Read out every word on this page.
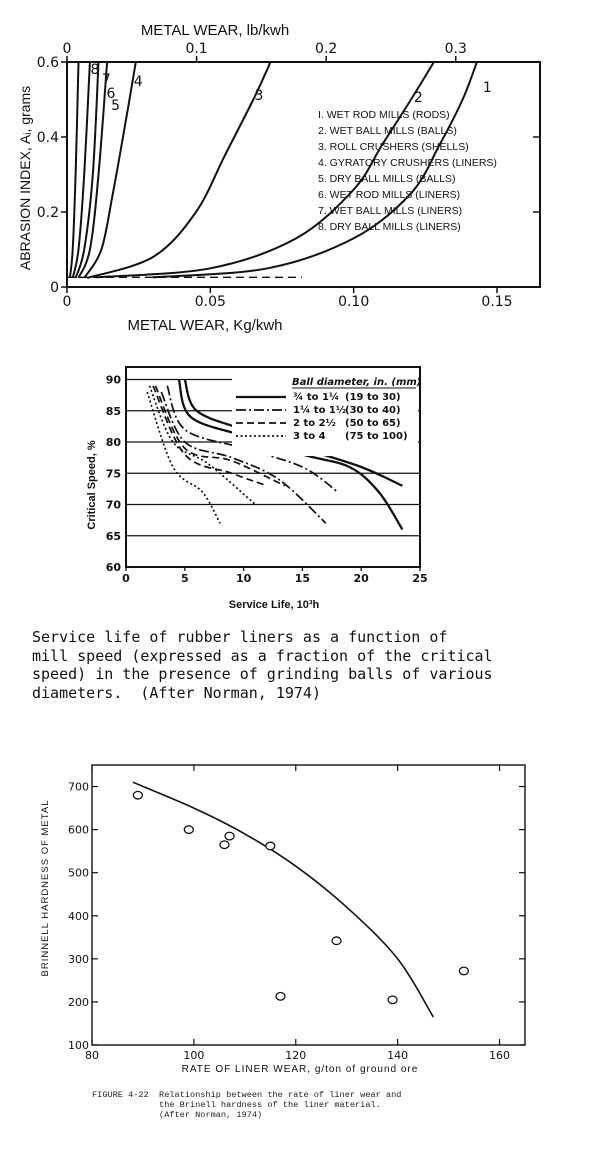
METAL WEAR, lb/kwh
0	0.1	0.2	0.3
0	0.05	0.10	0.15
0
0.2
0.4
0.6
1
2
3
4
5
6
7
8
METAL WEAR, Kg/kwh
ABRASION INDEX, Aᵢ, grams	I. WET ROD MILLS (RODS)
2. WET BALL MILLS (BALLS)
3. ROLL CRUSHERS (SHELLS)
4. GYRATORY CRUSHERS (LINERS)
5. DRY BALL MILLS (BALLS)
6. WET ROD MILLS (LINERS)
7. WET BALL MILLS (LINERS)
8. DRY BALL MILLS (LINERS)
60
65
70
75
80
85
90
0	5	10	15	20	25
Ball diameter, in. (mm)
¾ to 1¼ (19 to 30)
1¼ to 1½
(30 to 40)
2 to 2½ (50 to 65)
3 to 4 (75 to 100)
Service Life, 10³h
Critical Speed, %
Service life of rubber liners as a function of
mill speed (expressed as a fraction of the critical
speed) in the presence of grinding balls of various
diameters.  (After Norman, 1974)
100
200
300
400
500
600
700
80	100	120	140	160
RATE OF LINER WEAR, g/ton of ground ore
BRINNELL HARDNESS OF METAL
FIGURE 4-22  Relationship between the rate of liner wear and
the Brinell hardness of the liner material.
(After Norman, 1974)
